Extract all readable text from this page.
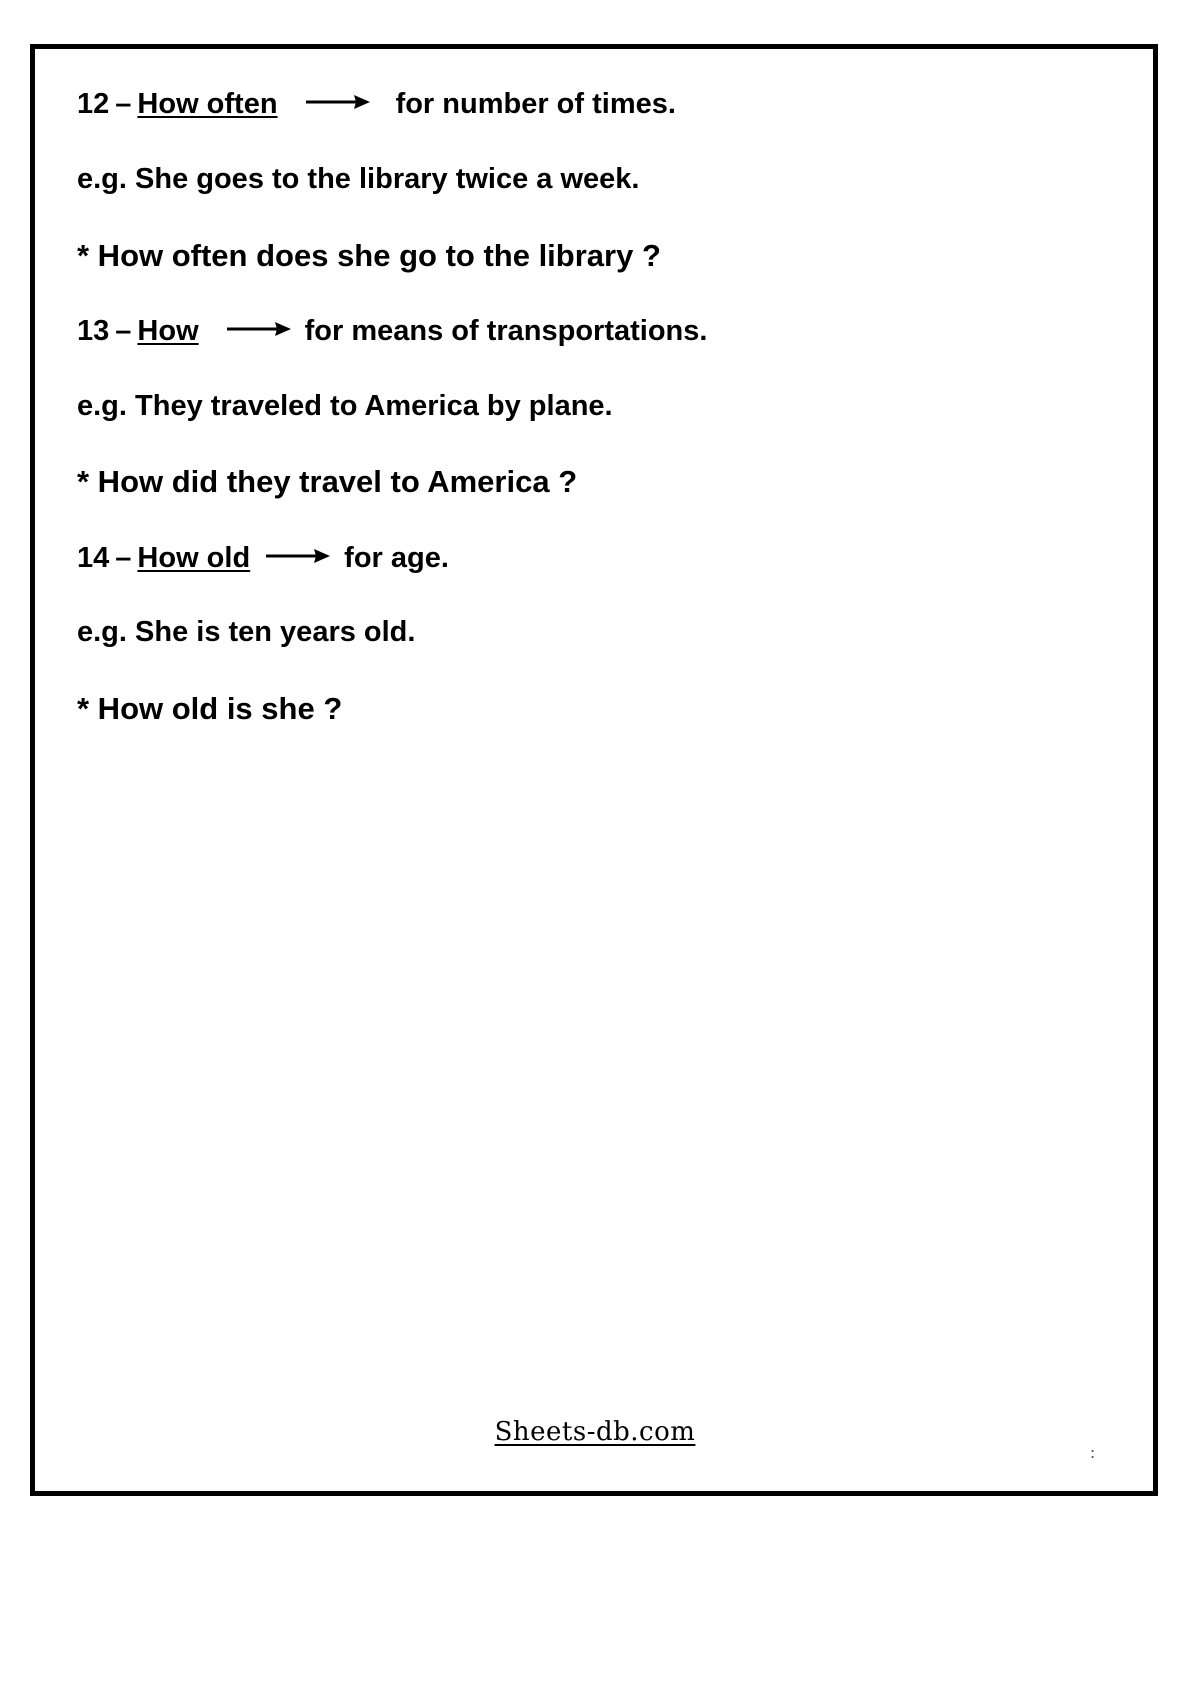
12 – How often	for number of times.
e.g. She goes to the library twice a week.
* How often does she go to the library ?
13 – How	for means of transportations.
e.g. They traveled to America by plane.
* How did they travel to America ?
14 – How old	for age.
e.g. She is ten years old.
* How old is she ?
Sheets-db.com
:
